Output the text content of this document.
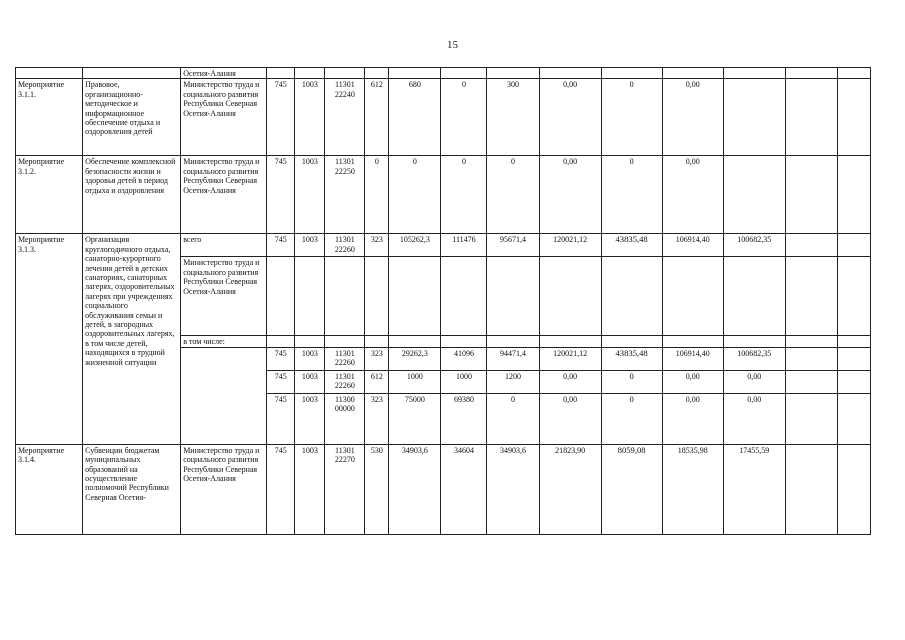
15
		Осетия-Алания													
Мероприятие 3.1.1.	Правовое, организационно-методическое и информационное обеспечение отдыха и оздоровления детей	Министерство труда и социального развития Республики Северная Осетия-Алания	745	1003	11301 22240	612	680	0	300	0,00	0	0,00			
Мероприятие 3.1.2.	Обеспечение комплексной безопасности жизни и здоровья детей в период отдыха и оздоровления	Министерство труда и социального развития Республики Северная Осетия-Алания	745	1003	11301 22250	0	0	0	0	0,00	0	0,00			
Мероприятие 3.1.3.	Организация круглогодичного отдыха, санаторно-курортного лечения детей в детских санаториях, санаторных лагерях, оздоровительных лагерях при учреждениях социального обслуживания семьи и детей, в загородных оздоровительных лагерях, в том числе детей, находящихся в трудной жизненной ситуации	всего	745	1003	11301 22260	323	105262,3	111476	95671,4	120021,12	43835,48	106914,40	100682,35		
		Министерство труда и социального развития Республики Северная Осетия-Алания													
		в том числе:													
			745	1003	11301 22260	323	29262,3	41096	94471,4	120021,12	43835,48	106914,40	100682,35		
			745	1003	11301 22260	612	1000	1000	1200	0,00	0	0,00	0,00		
			745	1003	11300 00000	323	75000	69380	0	0,00	0	0,00	0,00		
Мероприятие 3.1.4.	Субвенции бюджетам муниципальных образований на осуществление полномочий Республики Северная Осетия-	Министерство труда и социального развития Республики Северная Осетия-Алания	745	1003	11301 22270	530	34903,6	34604	34903,6	21823,90	8059,08	18535,98	17455,59		
